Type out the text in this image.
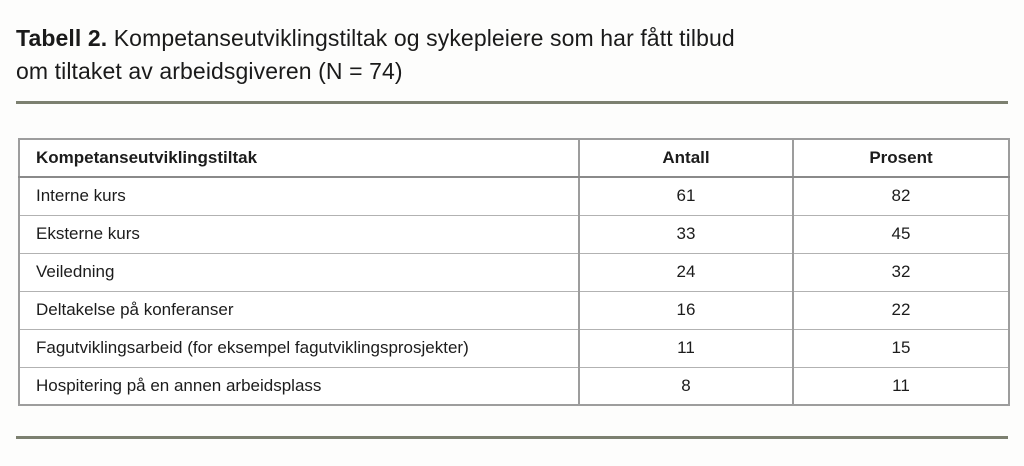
Tabell 2. Kompetanseutviklingstiltak og sykepleiere som har fått tilbud
om tiltaket av arbeidsgiveren (N = 74)
Kompetanseutviklingstiltak	Antall	Prosent
Interne kurs	61	82
Eksterne kurs	33	45
Veiledning	24	32
Deltakelse på konferanser	16	22
Fagutviklingsarbeid (for eksempel fagutviklingsprosjekter)	11	15
Hospitering på en annen arbeidsplass	8	11
